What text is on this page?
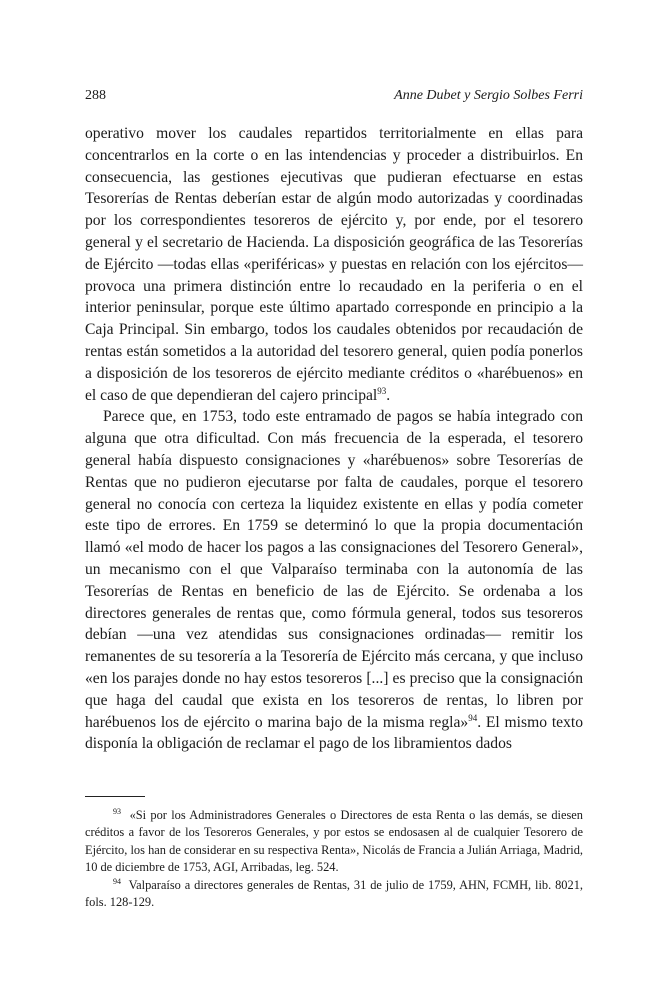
288	Anne Dubet y Sergio Solbes Ferri

operativo mover los caudales repartidos territorialmente en ellas para concentrarlos en la corte o en las intendencias y proceder a distribuirlos. En consecuencia, las gestiones ejecutivas que pudieran efectuarse en estas Tesorerías de Rentas deberían estar de algún modo autorizadas y coordinadas por los correspondientes tesoreros de ejército y, por ende, por el tesorero general y el secretario de Hacienda. La disposición geográfica de las Tesorerías de Ejército —todas ellas «periféricas» y puestas en relación con los ejércitos— provoca una primera distinción entre lo recaudado en la periferia o en el interior peninsular, porque este último apartado corresponde en principio a la Caja Principal. Sin embargo, todos los caudales obtenidos por recaudación de rentas están sometidos a la autoridad del tesorero general, quien podía ponerlos a disposición de los tesoreros de ejército mediante créditos o «harébuenos» en el caso de que dependieran del cajero principal$^{93}$.

Parece que, en 1753, todo este entramado de pagos se había integrado con alguna que otra dificultad. Con más frecuencia de la esperada, el tesorero general había dispuesto consignaciones y «harébuenos» sobre Tesorerías de Rentas que no pudieron ejecutarse por falta de caudales, porque el tesorero general no conocía con certeza la liquidez existente en ellas y podía cometer este tipo de errores. En 1759 se determinó lo que la propia documentación llamó «el modo de hacer los pagos a las consignaciones del Tesorero General», un mecanismo con el que Valparaíso terminaba con la autonomía de las Tesorerías de Rentas en beneficio de las de Ejército. Se ordenaba a los directores generales de rentas que, como fórmula general, todos sus tesoreros debían —una vez atendidas sus consignaciones ordinadas— remitir los remanentes de su tesorería a la Tesorería de Ejército más cercana, y que incluso «en los parajes donde no hay estos tesoreros [...] es preciso que la consignación que haga del caudal que exista en los tesoreros de rentas, lo libren por harébuenos los de ejército o marina bajo de la misma regla»$^{94}$. El mismo texto disponía la obligación de reclamar el pago de los libramientos dados

$^{93}$ «Si por los Administradores Generales o Directores de esta Renta o las demás, se diesen créditos a favor de los Tesoreros Generales, y por estos se endosasen al de cualquier Tesorero de Ejército, los han de considerar en su respectiva Renta», Nicolás de Francia a Julián Arriaga, Madrid, 10 de diciembre de 1753, AGI, Arribadas, leg. 524.

$^{94}$ Valparaíso a directores generales de Rentas, 31 de julio de 1759, AHN, FCMH, lib. 8021, fols. 128-129.
